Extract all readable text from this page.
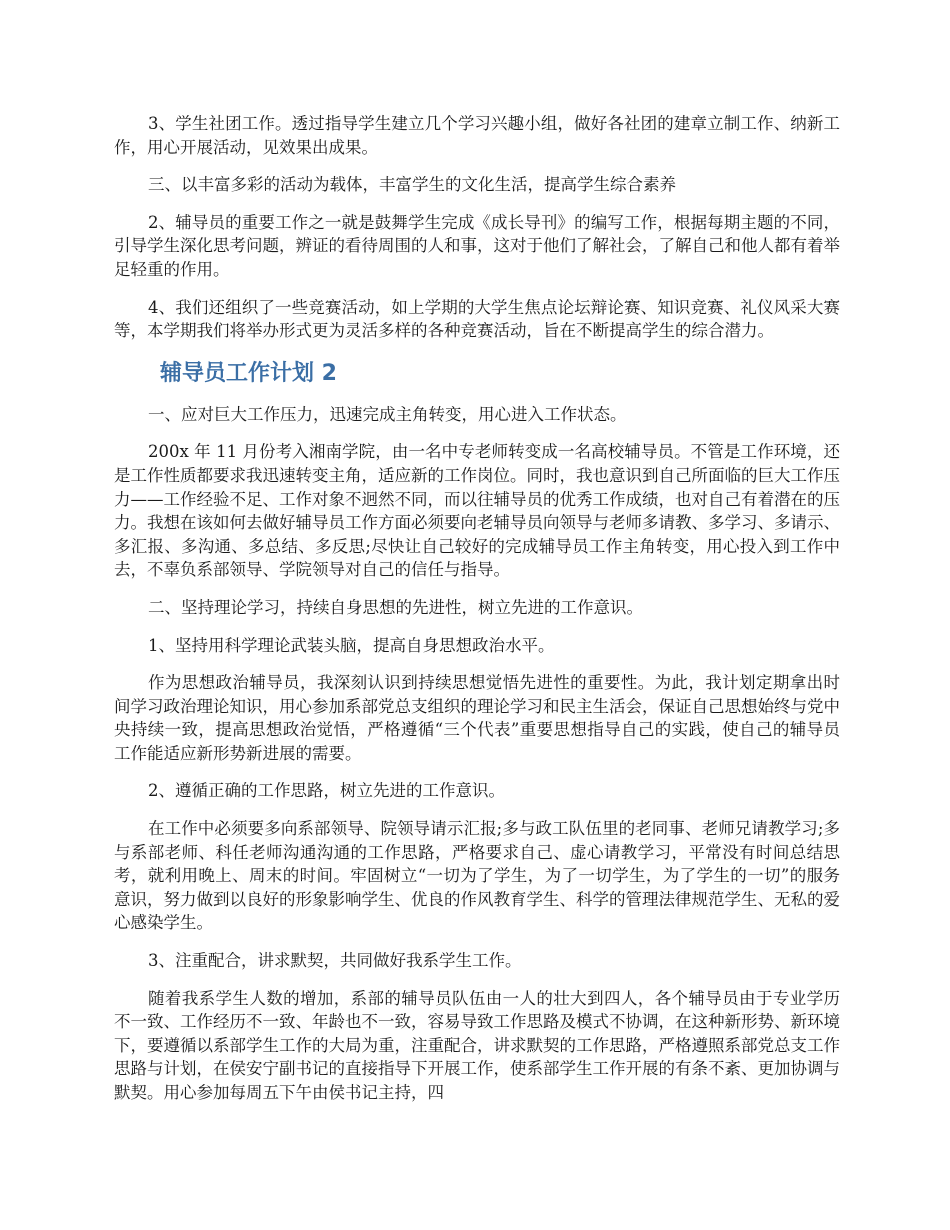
3、学生社团工作。透过指导学生建立几个学习兴趣小组，做好各社团的建章立制工作、纳新工作，用心开展活动，见效果出成果。

三、以丰富多彩的活动为载体，丰富学生的文化生活，提高学生综合素养

2、辅导员的重要工作之一就是鼓舞学生完成《成长导刊》的编写工作，根据每期主题的不同，引导学生深化思考问题，辨证的看待周围的人和事，这对于他们了解社会，了解自己和他人都有着举足轻重的作用。

4、我们还组织了一些竞赛活动，如上学期的大学生焦点论坛辩论赛、知识竞赛、礼仪风采大赛等，本学期我们将举办形式更为灵活多样的各种竞赛活动，旨在不断提高学生的综合潜力。

辅导员工作计划 2

一、应对巨大工作压力，迅速完成主角转变，用心进入工作状态。

200x 年 11 月份考入湘南学院，由一名中专老师转变成一名高校辅导员。不管是工作环境，还是工作性质都要求我迅速转变主角，适应新的工作岗位。同时，我也意识到自己所面临的巨大工作压力——工作经验不足、工作对象不迥然不同，而以往辅导员的优秀工作成绩，也对自己有着潜在的压力。我想在该如何去做好辅导员工作方面必须要向老辅导员向领导与老师多请教、多学习、多请示、多汇报、多沟通、多总结、多反思;尽快让自己较好的完成辅导员工作主角转变，用心投入到工作中去，不辜负系部领导、学院领导对自己的信任与指导。

二、坚持理论学习，持续自身思想的先进性，树立先进的工作意识。

1、坚持用科学理论武装头脑，提高自身思想政治水平。

作为思想政治辅导员，我深刻认识到持续思想觉悟先进性的重要性。为此，我计划定期拿出时间学习政治理论知识，用心参加系部党总支组织的理论学习和民主生活会，保证自己思想始终与党中央持续一致，提高思想政治觉悟，严格遵循“三个代表”重要思想指导自己的实践，使自己的辅导员工作能适应新形势新进展的需要。

2、遵循正确的工作思路，树立先进的工作意识。

在工作中必须要多向系部领导、院领导请示汇报;多与政工队伍里的老同事、老师兄请教学习;多与系部老师、科任老师沟通沟通的工作思路，严格要求自己、虚心请教学习，平常没有时间总结思考，就利用晚上、周末的时间。牢固树立“一切为了学生，为了一切学生，为了学生的一切”的服务意识，努力做到以良好的形象影响学生、优良的作风教育学生、科学的管理法律规范学生、无私的爱心感染学生。

3、注重配合，讲求默契，共同做好我系学生工作。

随着我系学生人数的增加，系部的辅导员队伍由一人的壮大到四人，各个辅导员由于专业学历不一致、工作经历不一致、年龄也不一致，容易导致工作思路及模式不协调，在这种新形势、新环境下，要遵循以系部学生工作的大局为重，注重配合，讲求默契的工作思路，严格遵照系部党总支工作思路与计划，在侯安宁副书记的直接指导下开展工作，使系部学生工作开展的有条不紊、更加协调与默契。用心参加每周五下午由侯书记主持，四
